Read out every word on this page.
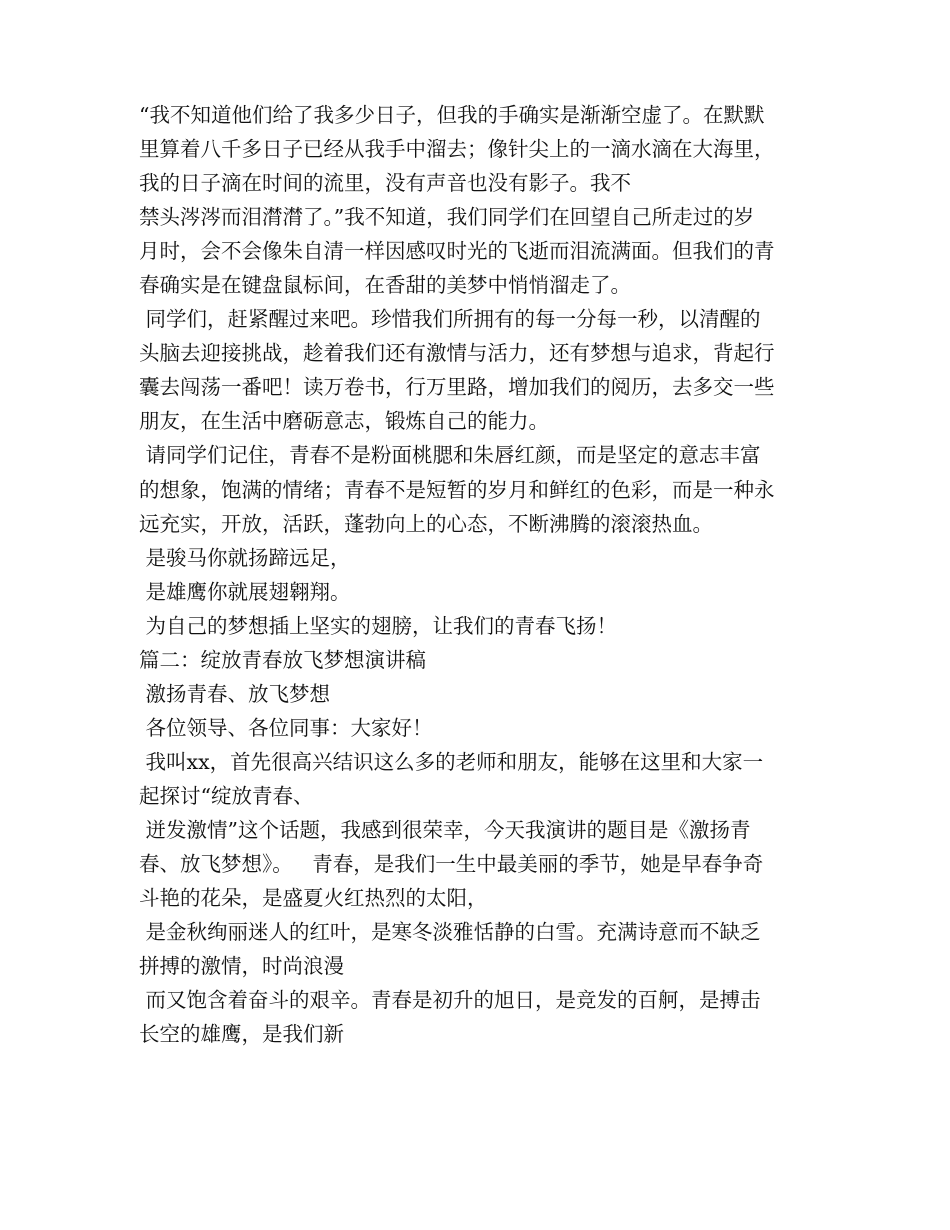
“我不知道他们给了我多少日子，但我的手确实是渐渐空虚了。在默默
里算着八千多日子已经从我手中溜去；像针尖上的一滴水滴在大海里，
我的日子滴在时间的流里，没有声音也没有影子。我不
禁头涔涔而泪潸潸了。”我不知道，我们同学们在回望自己所走过的岁
月时，会不会像朱自清一样因感叹时光的飞逝而泪流满面。但我们的青
春确实是在键盘鼠标间，在香甜的美梦中悄悄溜走了。
同学们，赶紧醒过来吧。珍惜我们所拥有的每一分每一秒，以清醒的
头脑去迎接挑战，趁着我们还有激情与活力，还有梦想与追求，背起行
囊去闯荡一番吧！读万卷书，行万里路，增加我们的阅历，去多交一些
朋友，在生活中磨砺意志，锻炼自己的能力。
请同学们记住，青春不是粉面桃腮和朱唇红颜，而是坚定的意志丰富
的想象，饱满的情绪；青春不是短暂的岁月和鲜红的色彩，而是一种永
远充实，开放，活跃，蓬勃向上的心态，不断沸腾的滚滚热血。
是骏马你就扬蹄远足，
是雄鹰你就展翅翱翔。
为自己的梦想插上坚实的翅膀，让我们的青春飞扬！
篇二：绽放青春放飞梦想演讲稿
激扬青春、放飞梦想
各位领导、各位同事：大家好！
我叫xx，首先很高兴结识这么多的老师和朋友，能够在这里和大家一
起探讨“绽放青春、
迸发激情”这个话题，我感到很荣幸，今天我演讲的题目是《激扬青
春、放飞梦想》。   青春，是我们一生中最美丽的季节，她是早春争奇
斗艳的花朵，是盛夏火红热烈的太阳，
是金秋绚丽迷人的红叶，是寒冬淡雅恬静的白雪。充满诗意而不缺乏
拼搏的激情，时尚浪漫
而又饱含着奋斗的艰辛。青春是初升的旭日，是竞发的百舸，是搏击
长空的雄鹰，是我们新
